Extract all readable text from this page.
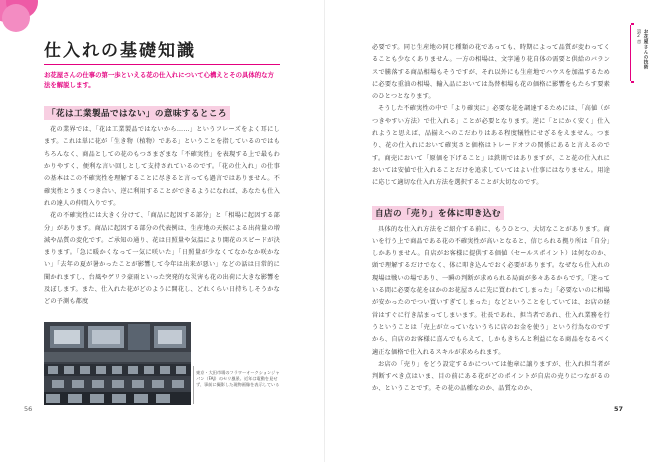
仕入れの基礎知識
お花屋さんの仕事の第一歩といえる花の仕入れについて心構えとその具体的な方法を解説します。
「花は工業製品ではない」の意味するところ

花の業界では、「花は工業製品ではないから……」というフレーズをよく耳にします。これは単に花が「生き物（植物）である」ということを指しているのではもちろんなく、商品としての花のもつさまざまな「不確実性」を表現する上で最もわかりやすく、便利な言い回しとして支持されているのです。「花の仕入れ」の仕事の基本はこの不確実性を理解することに尽きると言っても過言ではありません。不確実性とうまくつき合い、逆に利用することができるようになれば、あなたも仕入れの達人の仲間入りです。

花の不確実性には大きく分けて、「商品に起因する部分」と「相場に起因する部分」があります。商品に起因する部分の代表例は、生産地の天候による出荷量の増減や品質の変化です。ご承知の通り、花は日照量や気温により開花のスピードが決まります。「急に暖かくなって一気に咲いた」「日照量が少なくてなかなか咲かない」「去年の夏が暑かったことが影響して今年は出来が悪い」などの話は日常的に聞かれますし、台風やゲリラ豪雨といった突発的な災害も花の出荷に大きな影響を及ぼします。また、仕入れた花がどのように開花し、どれくらい日持ちしそうかなどの予測も都度

東京・大田市場のフラワーオークションジャパン（FAJ）のセリ風景。近年は電動を見せず、事前に撮影した現物画像を表示している
56

必要です。同じ生産地の同じ種類の花であっても、時期によって品質が変わってくることも少なくありません。一方の相場は、文字通り花自体の需要と供給のバランスで騰落する商品相場もそうですが、それ以外にも生産地でハウスを加温するために必要な重油の相場、輸入品においては為替相場も花の価格に影響をもたらす要素のひとつとなります。

そうした不確実性の中で「より確実に」必要な花を調達するためには、「高値（がつきやすい方法）で仕入れる」ことが必要となります。逆に「とにかく安く」仕入れようと思えば、品揃えへのこだわりはある程度犠牲にせざるをえません。つまり、花の仕入れにおいて確実さと価格はトレードオフの関係にあると言えるのです。商売において「原価を下げること」は鉄則ではありますが、こと花の仕入れにおいては安値で仕入れることだけを追求していてはよい仕事にはなりません。用途に応じて適切な仕入れ方法を選択することが大切なのです。

自店の「売り」を体に叩き込む

具体的な仕入れ方法をご紹介する前に、もうひとつ、大切なことがあります。商いを行う上で商品である花の不確実性が高いとなると、信じられる拠り所は「自分」しかありません。自店がお客様に提供する価値（セールスポイント）は何なのか、頭で理解するだけでなく、体に叩き込んでおく必要があります。なぜなら仕入れの現場は戦いの場であり、一瞬の判断が求められる局面が多々あるからです。「迷っている間に必要な花をほかのお花屋さんに先に買われてしまった」「必要ないのに相場が安かったのでつい買いすぎてしまった」などということをしていては、お店の経営はすぐに行き詰まってしまいます。社長であれ、担当者であれ、仕入れ業務を行うということは「売上が立っていないうちに店のお金を使う」という行為なのですから、自店のお客様に喜んでもらえて、しかもきちんと利益になる商品をなるべく適正な価格で仕入れるスキルが求められます。

お店の「売り」をどう設定するかについては他章に譲りますが、仕入れ担当者が判断すべき点はいま、目の前にある花がどのポイントが自店の売りにつながるのか、ということです。その花の品種なのか、品質なのか、

第2章 お花屋さんの技術
57
